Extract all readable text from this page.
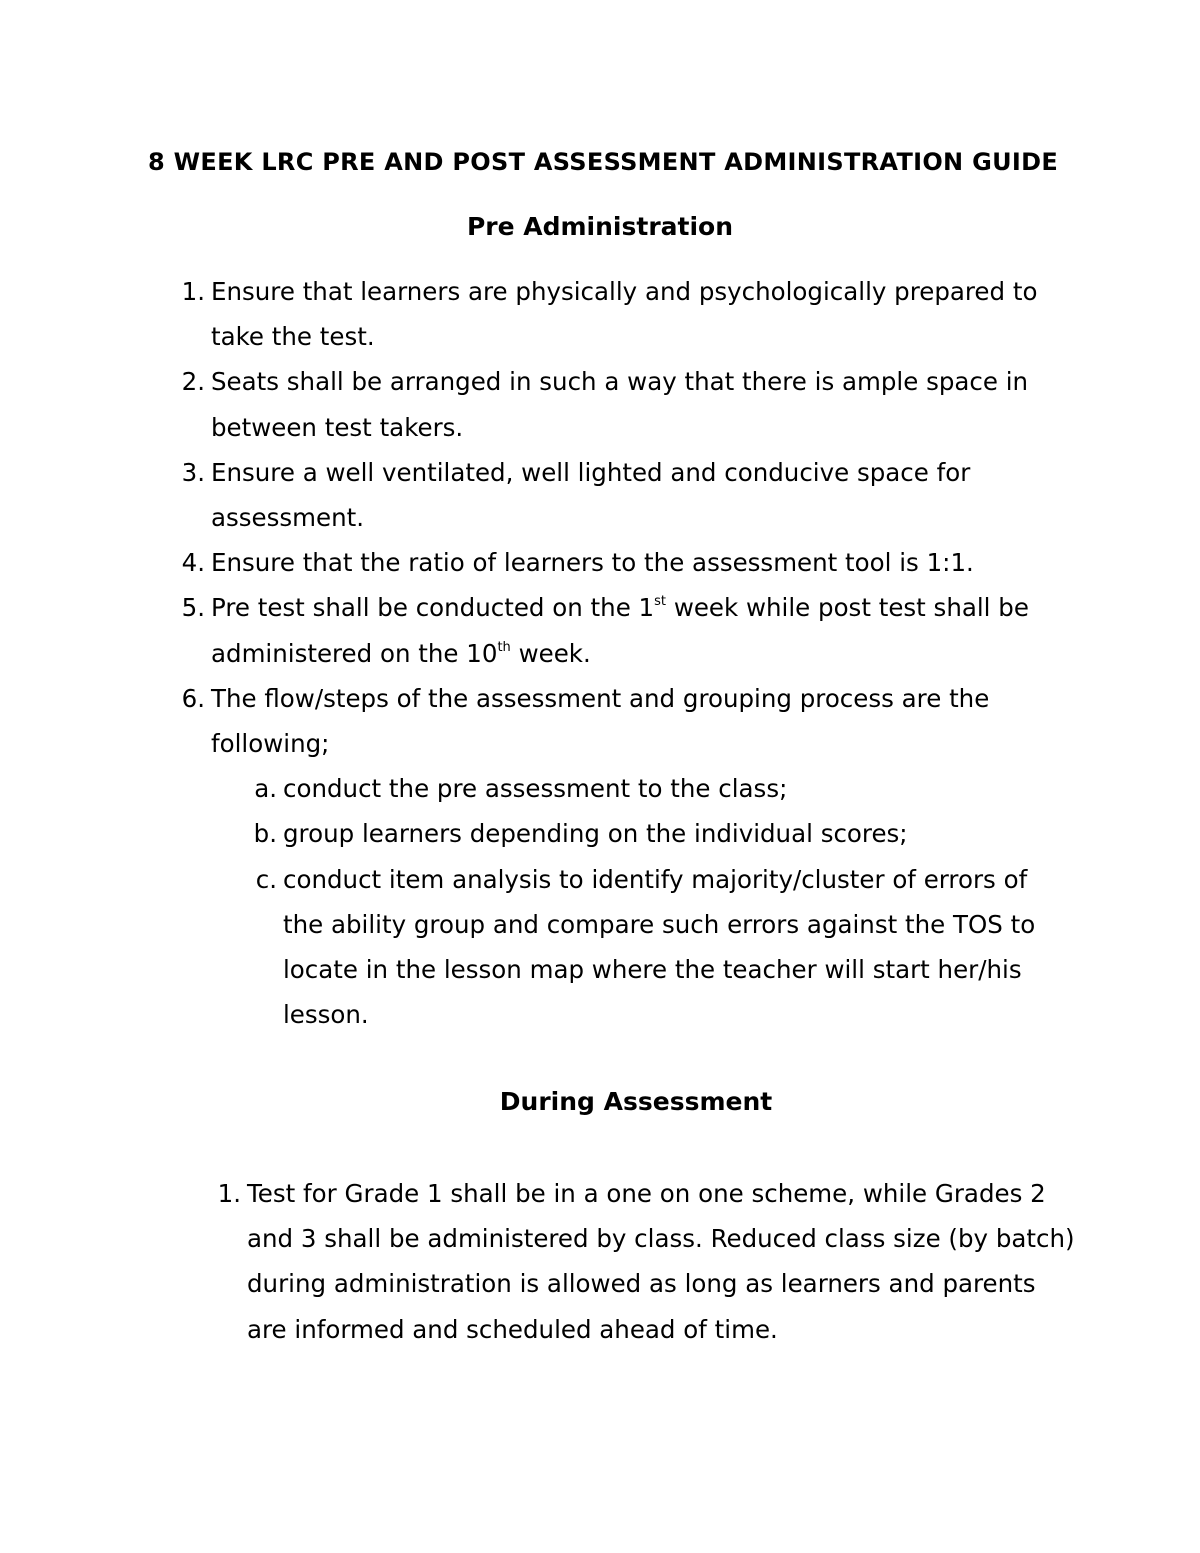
8 WEEK LRC PRE AND POST ASSESSMENT ADMINISTRATION GUIDE
Pre Administration
1. Ensure that learners are physically and psychologically prepared to take the test.
2. Seats shall be arranged in such a way that there is ample space in between test takers.
3. Ensure a well ventilated, well lighted and conducive space for assessment.
4. Ensure that the ratio of learners to the assessment tool is 1:1.
5. Pre test shall be conducted on the 1st week while post test shall be administered on the 10th week.
6. The flow/steps of the assessment and grouping process are the following;
a. conduct the pre assessment to the class;
b. group learners depending on the individual scores;
c. conduct item analysis to identify majority/cluster of errors of the ability group and compare such errors against the TOS to locate in the lesson map where the teacher will start her/his lesson.
During Assessment
1. Test for Grade 1 shall be in a one on one scheme, while Grades 2 and 3 shall be administered by class. Reduced class size (by batch) during administration is allowed as long as learners and parents are informed and scheduled ahead of time.
